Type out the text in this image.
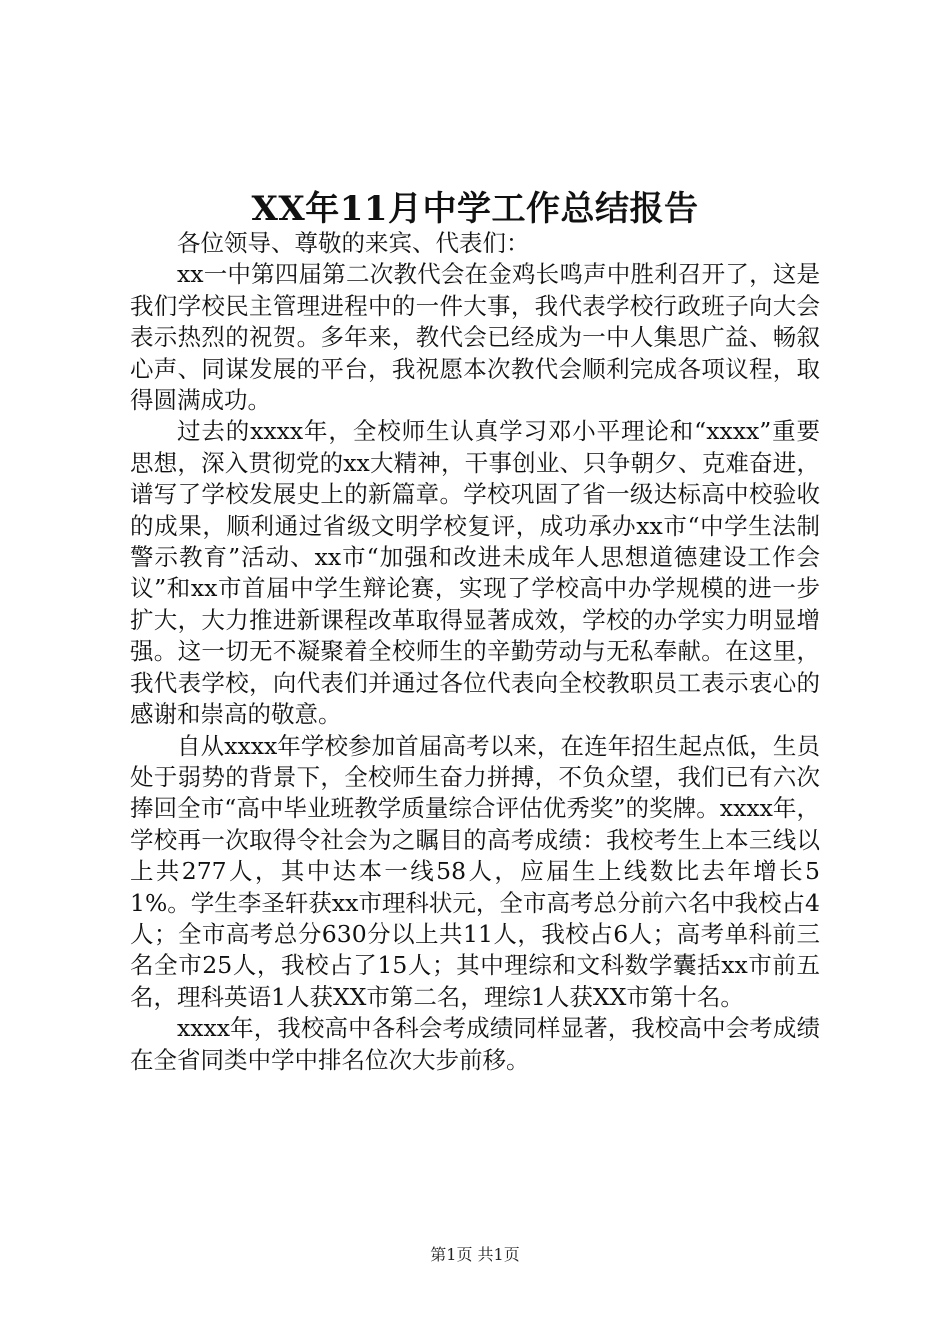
XX年11月中学工作总结报告

各位领导、尊敬的来宾、代表们：

xx一中第四届第二次教代会在金鸡长鸣声中胜利召开了，这是我们学校民主管理进程中的一件大事，我代表学校行政班子向大会表示热烈的祝贺。多年来，教代会已经成为一中人集思广益、畅叙心声、同谋发展的平台，我祝愿本次教代会顺利完成各项议程，取得圆满成功。

过去的xxxx年，全校师生认真学习邓小平理论和“xxxx”重要思想，深入贯彻党的xx大精神，干事创业、只争朝夕、克难奋进，谱写了学校发展史上的新篇章。学校巩固了省一级达标高中校验收的成果，顺利通过省级文明学校复评，成功承办xx市“中学生法制警示教育”活动、xx市“加强和改进未成年人思想道德建设工作会议”和xx市首届中学生辩论赛，实现了学校高中办学规模的进一步扩大，大力推进新课程改革取得显著成效，学校的办学实力明显增强。这一切无不凝聚着全校师生的辛勤劳动与无私奉献。在这里，我代表学校，向代表们并通过各位代表向全校教职员工表示衷心的感谢和崇高的敬意。

自从xxxx年学校参加首届高考以来，在连年招生起点低，生员处于弱势的背景下，全校师生奋力拼搏，不负众望，我们已有六次捧回全市“高中毕业班教学质量综合评估优秀奖”的奖牌。xxxx年，学校再一次取得令社会为之瞩目的高考成绩：我校考生上本三线以上共277人，其中达本一线58人，应届生上线数比去年增长51%。学生李圣轩获xx市理科状元，全市高考总分前六名中我校占4人；全市高考总分630分以上共11人，我校占6人；高考单科前三名全市25人，我校占了15人；其中理综和文科数学囊括xx市前五名，理科英语1人获XX市第二名，理综1人获XX市第十名。

xxxx年，我校高中各科会考成绩同样显著，我校高中会考成绩在全省同类中学中排名位次大步前移。

第1页 共1页
